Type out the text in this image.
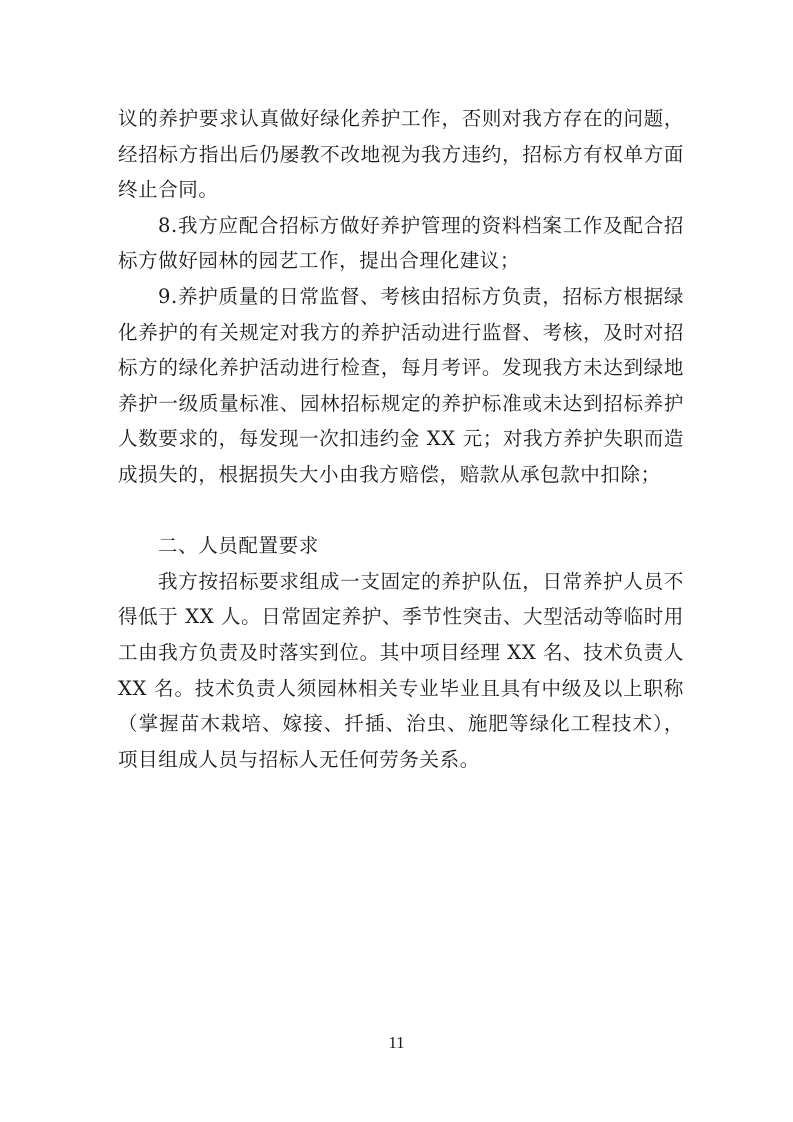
议的养护要求认真做好绿化养护工作，否则对我方存在的问题，经招标方指出后仍屡教不改地视为我方违约，招标方有权单方面终止合同。

8.我方应配合招标方做好养护管理的资料档案工作及配合招标方做好园林的园艺工作，提出合理化建议；

9.养护质量的日常监督、考核由招标方负责，招标方根据绿化养护的有关规定对我方的养护活动进行监督、考核，及时对招标方的绿化养护活动进行检查，每月考评。发现我方未达到绿地养护一级质量标准、园林招标规定的养护标准或未达到招标养护人数要求的，每发现一次扣违约金 XX 元；对我方养护失职而造成损失的，根据损失大小由我方赔偿，赔款从承包款中扣除；

二、人员配置要求

我方按招标要求组成一支固定的养护队伍，日常养护人员不得低于 XX 人。日常固定养护、季节性突击、大型活动等临时用工由我方负责及时落实到位。其中项目经理 XX 名、技术负责人 XX 名。技术负责人须园林相关专业毕业且具有中级及以上职称（掌握苗木栽培、嫁接、扦插、治虫、施肥等绿化工程技术），项目组成人员与招标人无任何劳务关系。

11
